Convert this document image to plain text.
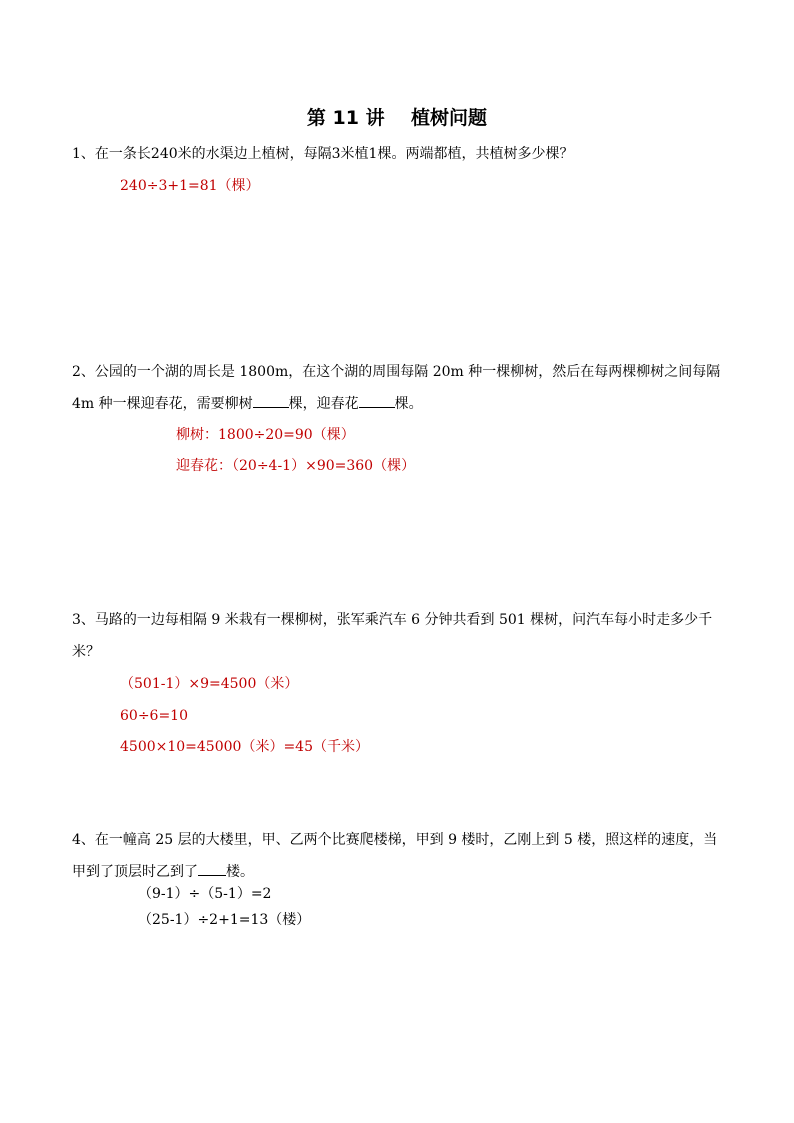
第 11 讲    植树问题
1、在一条长240米的水渠边上植树，每隔3米植1棵。两端都植，共植树多少棵？
240÷3+1=81（棵）
2、公园的一个湖的周长是 1800m，在这个湖的周围每隔 20m 种一棵柳树，然后在每两棵柳树之间每隔 4m 种一棵迎春花，需要柳树	棵，迎春花	棵。
柳树：1800÷20=90（棵）
迎春花：（20÷4-1）×90=360（棵）
3、马路的一边每相隔 9 米栽有一棵柳树，张军乘汽车 6 分钟共看到 501 棵树，问汽车每小时走多少千米？
（501-1）×9=4500（米）
60÷6=10
4500×10=45000（米）=45（千米）
4、在一幢高 25 层的大楼里，甲、乙两个比赛爬楼梯，甲到 9 楼时，乙刚上到 5 楼，照这样的速度，当甲到了顶层时乙到了 楼。
（9-1）÷（5-1）=2
（25-1）÷2+1=13（楼）
